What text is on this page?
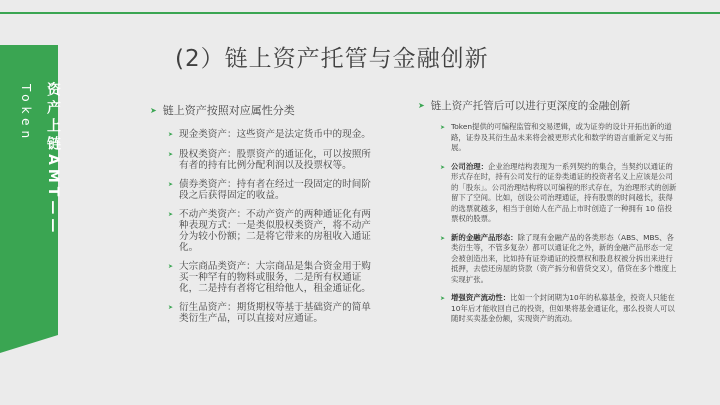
资产上链AMT——
Token
(2）链上资产托管与金融创新
➤ 链上资产按照对应属性分类
➤ 现金类资产：这些资产是法定货币中的现金。
➤ 股权类资产：股票资产的通证化，可以按照所有者的持有比例分配利润以及投票权等。
➤ 债券类资产：持有者在经过一段固定的时间阶段之后获得固定的收益。
➤ 不动产类资产：不动产资产的两种通证化有两种表现方式：一是类似股权类资产，将不动产分为较小份额；二是将它带来的房租收入通证化。
➤ 大宗商品类资产：大宗商品是集合资金用于购买一种罕有的物料或服务，二是所有权通证化，二是持有者将它租给他人，租金通证化。
➤ 衍生品资产：期货期权等基于基础资产的简单类衍生产品，可以直接对应通证。
➤ 链上资产托管后可以进行更深度的金融创新
➤ Token提供的可编程监管和交易逻辑，或为证券的设计开拓出新的道路，证券及其衍生品未来将会被更形式化和数学的语言重新定义与拓展。
➤ 公司治理：企业治理结构表现为一系列契约的集合，当契约以通证的形式存在时，持有公司发行的证券类通证的投资者名义上应该是公司的「股东」。公司治理结构将以可编程的形式存在，为治理形式的创新留下了空间。比如，创设公司治理通证，持有股票的时间越长，获得的选票就越多，相当于创始人在产品上市时创造了一种拥有 10 倍投票权的股票。
➤ 新的金融产品形态：除了现有金融产品的各类形态（ABS、MBS、各类衍生等，不管多复杂）都可以通证化之外，新的金融产品形态一定会被创造出来，比如持有证券通证的投票权和股息权被分拆出来进行抵押，去偿还房屋的贷款（资产拆分和借贷交叉），借贷在多个维度上实现扩张。
➤ 增强资产流动性：比如一个封闭期为10年的私募基金，投资人只能在10年后才能收回自己的投资，但如果将基金通证化，那么投资人可以随时买卖基金份额，实现资产的流动。
